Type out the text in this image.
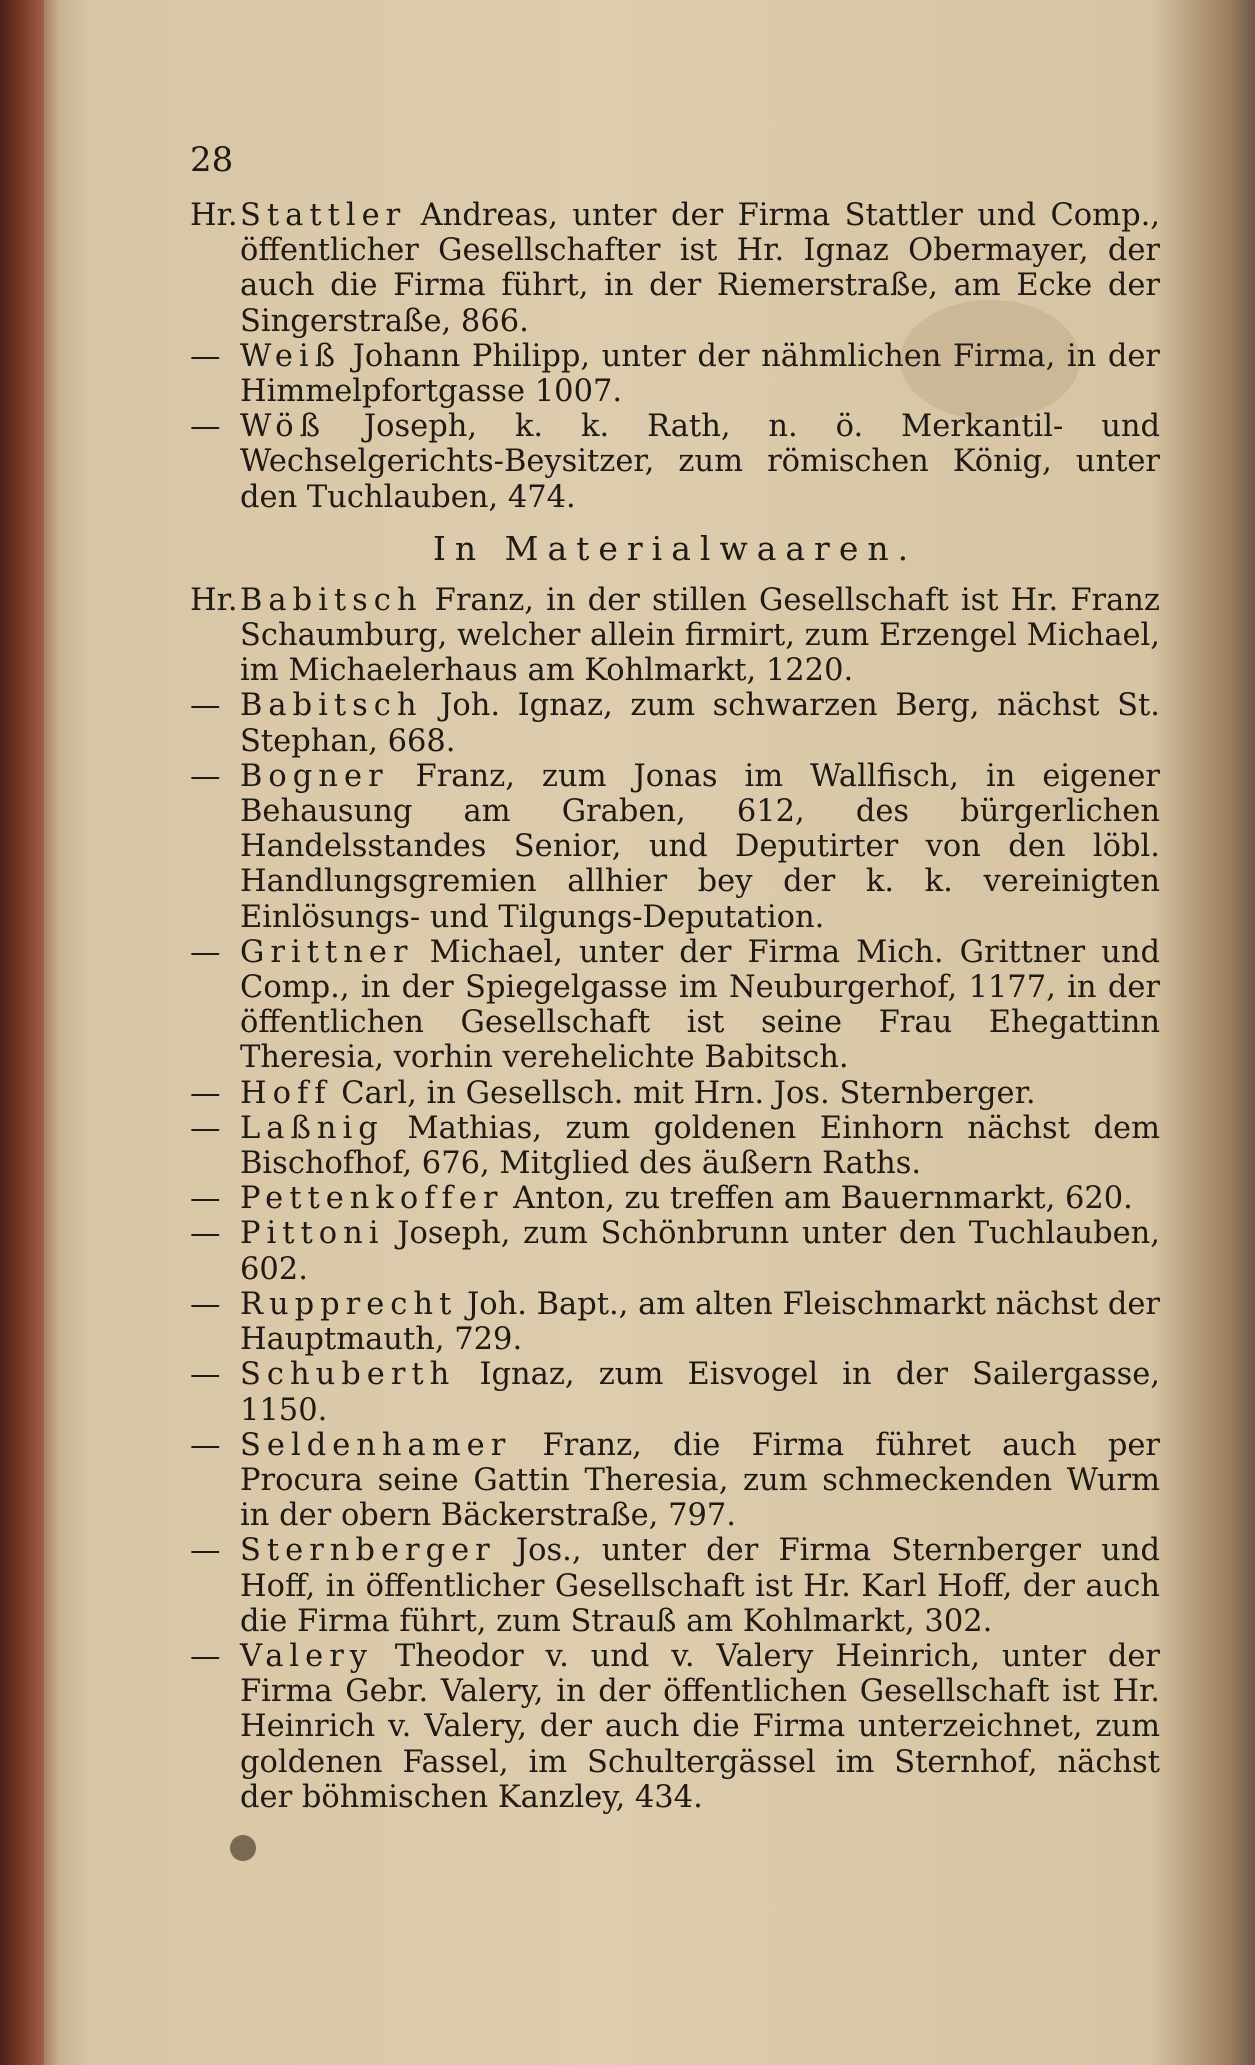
28

Hr. Stattler Andreas, unter der Firma Stattler und Comp., öffentlicher Gesellschafter ist Hr. Ignaz Obermayer, der auch die Firma führt, in der Riemerstraße, am Ecke der Singerstraße, 866.

— Weiß Johann Philipp, unter der nähmlichen Firma, in der Himmelpfortgasse 1007.

— Wöß Joseph, k. k. Rath, n. ö. Merkantil- und Wechselgerichts-Beysitzer, zum römischen König, unter den Tuchlauben, 474.

In Materialwaaren.

Hr. Babitsch Franz, in der stillen Gesellschaft ist Hr. Franz Schaumburg, welcher allein firmirt, zum Erzengel Michael, im Michaelerhaus am Kohlmarkt, 1220.

— Babitsch Joh. Ignaz, zum schwarzen Berg, nächst St. Stephan, 668.

— Bogner Franz, zum Jonas im Wallfisch, in eigener Behausung am Graben, 612, des bürgerlichen Handelsstandes Senior, und Deputirter von den löbl. Handlungsgremien allhier bey der k. k. vereinigten Einlösungs- und Tilgungs-Deputation.

— Grittner Michael, unter der Firma Mich. Grittner und Comp., in der Spiegelgasse im Neuburgerhof, 1177, in der öffentlichen Gesellschaft ist seine Frau Ehegattinn Theresia, vorhin verehelichte Babitsch.

— Hoff Carl, in Gesellsch. mit Hrn. Jos. Sternberger.

— Laßnig Mathias, zum goldenen Einhorn nächst dem Bischofhof, 676, Mitglied des äußern Raths.

— Pettenkoffer Anton, zu treffen am Bauernmarkt, 620.

— Pittoni Joseph, zum Schönbrunn unter den Tuchlauben, 602.

— Rupprecht Joh. Bapt., am alten Fleischmarkt nächst der Hauptmauth, 729.

— Schuberth Ignaz, zum Eisvogel in der Sailergasse, 1150.

— Seldenhamer Franz, die Firma führet auch per Procura seine Gattin Theresia, zum schmeckenden Wurm in der obern Bäckerstraße, 797.

— Sternberger Jos., unter der Firma Sternberger und Hoff, in öffentlicher Gesellschaft ist Hr. Karl Hoff, der auch die Firma führt, zum Strauß am Kohlmarkt, 302.

— Valery Theodor v. und v. Valery Heinrich, unter der Firma Gebr. Valery, in der öffentlichen Gesellschaft ist Hr. Heinrich v. Valery, der auch die Firma unterzeichnet, zum goldenen Fassel, im Schultergässel im Sternhof, nächst der böhmischen Kanzley, 434.
